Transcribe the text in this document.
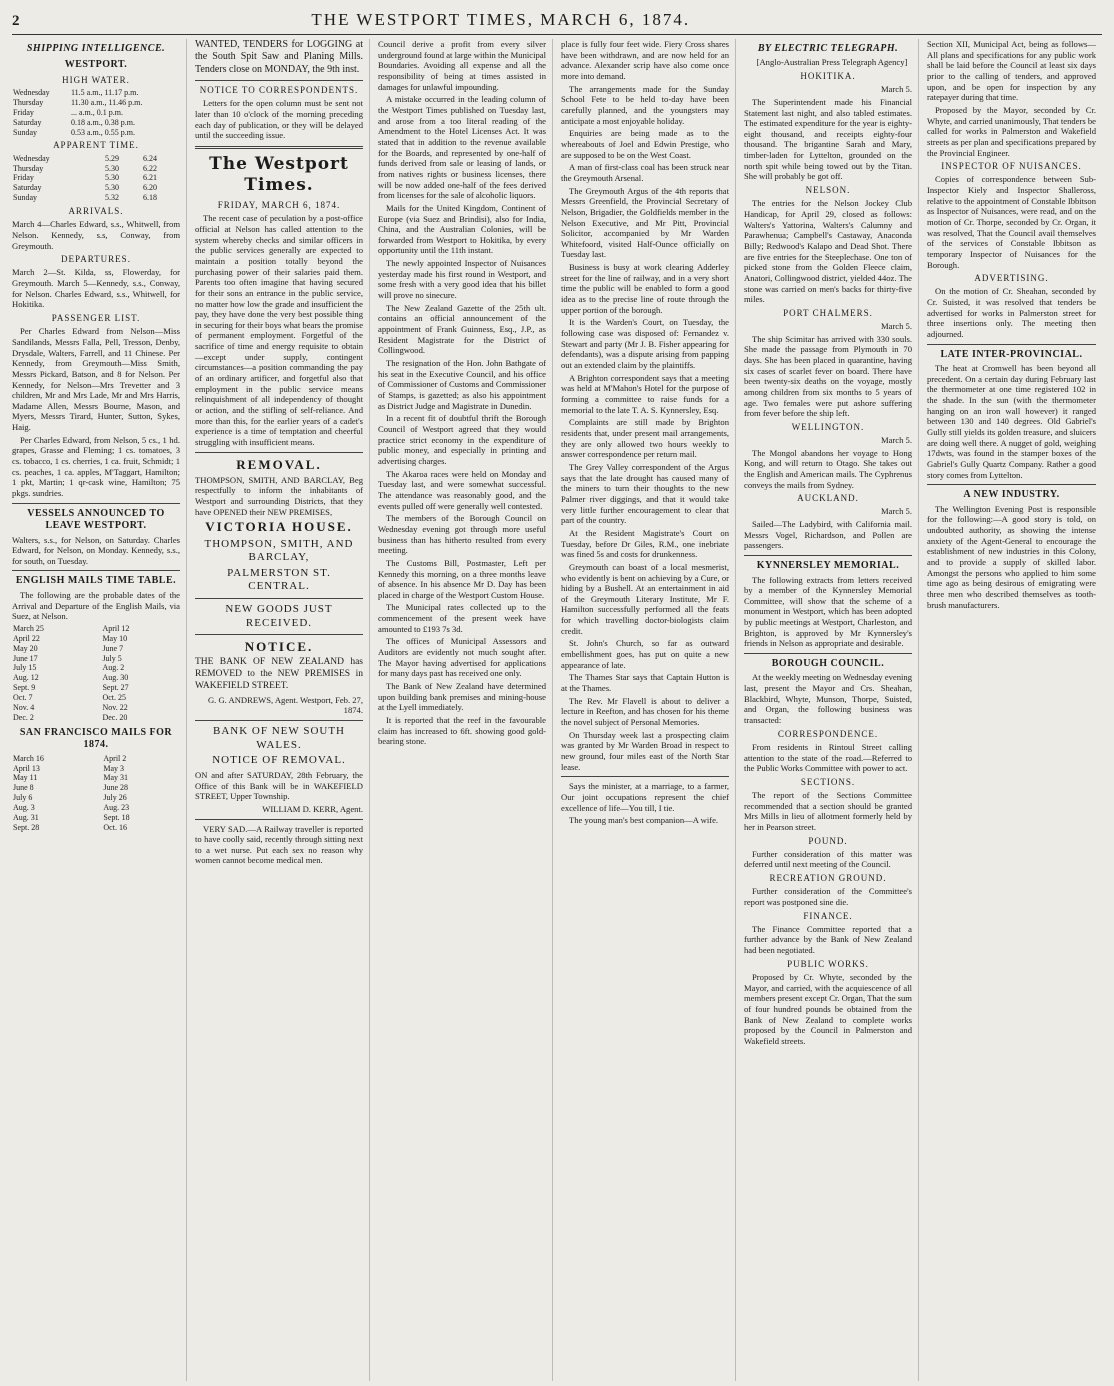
2	THE WESTPORT TIMES, MARCH 6, 1874.
SHIPPING INTELLIGENCE.
WESTPORT.
HIGH WATER.
Wednesday	11.5 a.m., 11.17 p.m.
Thursday	11.30 a.m., 11.46 p.m.
Friday	... a.m., 0.1 p.m.
Saturday	0.18 a.m., 0.38 p.m.
Sunday	0.53 a.m., 0.55 p.m.
APPARENT TIME.
Wednesday	5.29	6.24
Thursday	5.30	6.22
Friday	5.30	6.21
Saturday	5.30	6.20
Sunday	5.32	6.18
ARRIVALS.

March 4—Charles Edward, s.s., Whitwell, from Nelson. Kennedy, s.s, Conway, from Greymouth.

DEPARTURES.

March 2—St. Kilda, ss, Flowerday, for Greymouth. March 5—Kennedy, s.s., Conway, for Nelson. Charles Edward, s.s., Whitwell, for Hokitika.

PASSENGER LIST.

Per Charles Edward from Nelson—Miss Sandilands, Messrs Falla, Pell, Tresson, Denby, Drysdale, Walters, Farrell, and 11 Chinese. Per Kennedy, from Greymouth—Miss Smith, Messrs Pickard, Batson, and 8 for Nelson. Per Kennedy, for Nelson—Mrs Trevetter and 3 children, Mr and Mrs Lade, Mr and Mrs Harris, Madame Allen, Messrs Bourne, Mason, and Myers, Messrs Tirard, Hunter, Sutton, Sykes, Haig.

Per Charles Edward, from Nelson, 5 cs., 1 hd. grapes, Grasse and Fleming; 1 cs. tomatoes, 3 cs. tobacco, 1 cs. cherries, 1 ca. fruit, Schmidt; 1 cs. peaches, 1 ca. apples, M'Taggart, Hamilton; 1 pkt, Martin; 1 qr-cask wine, Hamilton; 75 pkgs. sundries.

VESSELS ANNOUNCED TO LEAVE WESTPORT.

Walters, s.s., for Nelson, on Saturday. Charles Edward, for Nelson, on Monday. Kennedy, s.s., for south, on Tuesday.

ENGLISH MAILS TIME TABLE.

The following are the probable dates of the Arrival and Departure of the English Mails, via Suez, at Nelson.

March 25	April 12
April 22	May 10
May 20	June 7
June 17	July 5
July 15	Aug. 2
Aug. 12	Aug. 30
Sept. 9	Sept. 27
Oct. 7	Oct. 25
Nov. 4	Nov. 22
Dec. 2	Dec. 20
SAN FRANCISCO MAILS FOR 1874.
March 16	April 2
April 13	May 3
May 11	May 31
June 8	June 28
July 6	July 26
Aug. 3	Aug. 23
Aug. 31	Sept. 18
Sept. 28	Oct. 16

WANTED, TENDERS for LOGGING at the South Spit Saw and Planing Mills. Tenders close on MONDAY, the 9th inst.

NOTICE TO CORRESPONDENTS.

Letters for the open column must be sent not later than 10 o'clock of the morning preceding each day of publication, or they will be delayed until the succeeding issue.

The Westport Times.
FRIDAY, MARCH 6, 1874.

The recent case of peculation by a post-office official at Nelson has called attention to the system whereby checks and similar officers in the public services generally are expected to maintain a position totally beyond the purchasing power of their salaries paid them. Parents too often imagine that having secured for their sons an entrance in the public service, no matter how low the grade and insufficient the pay, they have done the very best possible thing in securing for their boys what bears the promise of permanent employment. Forgetful of the sacrifice of time and energy requisite to obtain—except under supply, contingent circumstances—a position commanding the pay of an ordinary artificer, and forgetful also that employment in the public service means relinquishment of all independency of thought or action, and the stifling of self-reliance. And more than this, for the earlier years of a cadet's experience is a time of temptation and cheerful struggling with insufficient means.

REMOVAL.

THOMPSON, SMITH, AND BARCLAY, Beg respectfully to inform the inhabitants of Westport and surrounding Districts, that they have OPENED their NEW PREMISES,

VICTORIA HOUSE.
THOMPSON, SMITH, AND BARCLAY,
PALMERSTON ST. CENTRAL.
NEW GOODS JUST RECEIVED.
NOTICE.

THE BANK OF NEW ZEALAND has REMOVED to the NEW PREMISES in WAKEFIELD STREET.

G. G. ANDREWS, Agent. Westport, Feb. 27, 1874.

BANK OF NEW SOUTH WALES.
NOTICE OF REMOVAL.

ON and after SATURDAY, 28th February, the Office of this Bank will be in WAKEFIELD STREET, Upper Township.

WILLIAM D. KERR, Agent.

VERY SAD.—A Railway traveller is reported to have coolly said, recently through sitting next to a wet nurse. Put each sex no reason why women cannot become medical men.

Council derive a profit from every silver underground found at large within the Municipal Boundaries. Avoiding all expense and all the responsibility of being at times assisted in damages for unlawful impounding.

A mistake occurred in the leading column of the Westport Times published on Tuesday last, and arose from a too literal reading of the Amendment to the Hotel Licenses Act. It was stated that in addition to the revenue available for the Boards, and represented by one-half of funds derived from sale or leasing of lands, or from natives rights or business licenses, there will be now added one-half of the fees derived from licenses for the sale of alcoholic liquors.

Mails for the United Kingdom, Continent of Europe (via Suez and Brindisi), also for India, China, and the Australian Colonies, will be forwarded from Westport to Hokitika, by every opportunity until the 11th instant.

The newly appointed Inspector of Nuisances yesterday made his first round in Westport, and some fresh with a very good idea that his billet will prove no sinecure.

The New Zealand Gazette of the 25th ult. contains an official announcement of the appointment of Frank Guinness, Esq., J.P., as Resident Magistrate for the District of Collingwood.

The resignation of the Hon. John Bathgate of his seat in the Executive Council, and his office of Commissioner of Customs and Commissioner of Stamps, is gazetted; as also his appointment as District Judge and Magistrate in Dunedin.

In a recent fit of doubtful thrift the Borough Council of Westport agreed that they would practice strict economy in the expenditure of public money, and especially in printing and advertising charges.

The Akaroa races were held on Monday and Tuesday last, and were somewhat successful. The attendance was reasonably good, and the events pulled off were generally well contested.

The members of the Borough Council on Wednesday evening got through more useful business than has hitherto resulted from every meeting.

The Customs Bill, Postmaster, Left per Kennedy this morning, on a three months leave of absence. In his absence Mr D. Day has been placed in charge of the Westport Custom House.

The Municipal rates collected up to the commencement of the present week have amounted to £193 7s 3d.

The offices of Municipal Assessors and Auditors are evidently not much sought after. The Mayor having advertised for applications for many days past has received one only.

The Bank of New Zealand have determined upon building bank premises and mining-house at the Lyell immediately.

It is reported that the reef in the favourable claim has increased to 6ft. showing good gold-bearing stone.

place is fully four feet wide. Fiery Cross shares have been withdrawn, and are now held for an advance. Alexander scrip have also come once more into demand.

The arrangements made for the Sunday School Fete to be held to-day have been carefully planned, and the youngsters may anticipate a most enjoyable holiday.

Enquiries are being made as to the whereabouts of Joel and Edwin Prestige, who are supposed to be on the West Coast.

A man of first-class coal has been struck near the Greymouth Arsenal.

The Greymouth Argus of the 4th reports that Messrs Greenfield, the Provincial Secretary of Nelson, Brigadier, the Goldfields member in the Nelson Executive, and Mr Pitt, Provincial Solicitor, accompanied by Mr Warden Whitefoord, visited Half-Ounce officially on Tuesday last.

Business is busy at work clearing Adderley street for the line of railway, and in a very short time the public will be enabled to form a good idea as to the precise line of route through the upper portion of the borough.

It is the Warden's Court, on Tuesday, the following case was disposed of: Fernandez v. Stewart and party (Mr J. B. Fisher appearing for defendants), was a dispute arising from papping out an extended claim by the plaintiffs.

A Brighton correspondent says that a meeting was held at M'Mahon's Hotel for the purpose of forming a committee to raise funds for a memorial to the late T. A. S. Kynnersley, Esq.

Complaints are still made by Brighton residents that, under present mail arrangements, they are only allowed two hours weekly to answer correspondence per return mail.

The Grey Valley correspondent of the Argus says that the late drought has caused many of the miners to turn their thoughts to the new Palmer river diggings, and that it would take very little further encouragement to clear that part of the country.

At the Resident Magistrate's Court on Tuesday, before Dr Giles, R.M., one inebriate was fined 5s and costs for drunkenness.

Greymouth can boast of a local mesmerist, who evidently is bent on achieving by a Cure, or hiding by a Bushell. At an entertainment in aid of the Greymouth Literary Institute, Mr F. Hamilton successfully performed all the feats for which travelling doctor-biologists claim credit.

St. John's Church, so far as outward embellishment goes, has put on quite a new appearance of late.

The Thames Star says that Captain Hutton is at the Thames.

The Rev. Mr Flavell is about to deliver a lecture in Reefton, and has chosen for his theme the novel subject of Personal Memories.

On Thursday week last a prospecting claim was granted by Mr Warden Broad in respect to new ground, four miles east of the North Star lease.

Says the minister, at a marriage, to a farmer, Our joint occupations represent the chief excellence of life—You till, I tie.

The young man's best companion—A wife.

BY ELECTRIC TELEGRAPH.

[Anglo-Australian Press Telegraph Agency]

HOKITIKA.

March 5.

The Superintendent made his Financial Statement last night, and also tabled estimates. The estimated expenditure for the year is eighty-eight thousand, and receipts eighty-four thousand. The brigantine Sarah and Mary, timber-laden for Lyttelton, grounded on the north spit while being towed out by the Titan. She will probably be got off.

NELSON.

The entries for the Nelson Jockey Club Handicap, for April 29, closed as follows: Walters's Yattorina, Walters's Calumny and Parawhenua; Campbell's Castaway, Anaconda Billy; Redwood's Kalapo and Dead Shot. There are five entries for the Steeplechase. One ton of picked stone from the Golden Fleece claim, Anatori, Collingwood district, yielded 44oz. The stone was carried on men's backs for thirty-five miles.

PORT CHALMERS.

March 5.

The ship Scimitar has arrived with 330 souls. She made the passage from Plymouth in 70 days. She has been placed in quarantine, having six cases of scarlet fever on board. There have been twenty-six deaths on the voyage, mostly among children from six months to 5 years of age. Two females were put ashore suffering from fever before the ship left.

WELLINGTON.

March 5.

The Mongol abandons her voyage to Hong Kong, and will return to Otago. She takes out the English and American mails. The Cyphrenus conveys the mails from Sydney.

AUCKLAND.

March 5.

Sailed—The Ladybird, with California mail. Messrs Vogel, Richardson, and Pollen are passengers.

KYNNERSLEY MEMORIAL.

The following extracts from letters received by a member of the Kynnersley Memorial Committee, will show that the scheme of a monument in Westport, which has been adopted by public meetings at Westport, Charleston, and Brighton, is approved by Mr Kynnersley's friends in Nelson as appropriate and desirable.

BOROUGH COUNCIL.

At the weekly meeting on Wednesday evening last, present the Mayor and Crs. Sheahan, Blackbird, Whyte, Munson, Thorpe, Suisted, and Organ, the following business was transacted:

CORRESPONDENCE.

From residents in Rintoul Street calling attention to the state of the road.—Referred to the Public Works Committee with power to act.

SECTIONS.

The report of the Sections Committee recommended that a section should be granted Mrs Mills in lieu of allotment formerly held by her in Pearson street.

POUND.

Further consideration of this matter was deferred until next meeting of the Council.

RECREATION GROUND.

Further consideration of the Committee's report was postponed sine die.

FINANCE.

The Finance Committee reported that a further advance by the Bank of New Zealand had been negotiated.

PUBLIC WORKS.

Proposed by Cr. Whyte, seconded by the Mayor, and carried, with the acquiescence of all members present except Cr. Organ, That the sum of four hundred pounds be obtained from the Bank of New Zealand to complete works proposed by the Council in Palmerston and Wakefield streets.

Section XII, Municipal Act, being as follows—All plans and specifications for any public work shall be laid before the Council at least six days prior to the calling of tenders, and approved upon, and be open for inspection by any ratepayer during that time.

Proposed by the Mayor, seconded by Cr. Whyte, and carried unanimously, That tenders be called for works in Palmerston and Wakefield streets as per plan and specifications prepared by the Provincial Engineer.

INSPECTOR OF NUISANCES.

Copies of correspondence between Sub-Inspector Kiely and Inspector Shalleross, relative to the appointment of Constable Ibbitson as Inspector of Nuisances, were read, and on the motion of Cr. Thorpe, seconded by Cr. Organ, it was resolved, That the Council avail themselves of the services of Constable Ibbitson as temporary Inspector of Nuisances for the Borough.

ADVERTISING.

On the motion of Cr. Sheahan, seconded by Cr. Suisted, it was resolved that tenders be advertised for works in Palmerston street for three insertions only. The meeting then adjourned.

LATE INTER-PROVINCIAL.

The heat at Cromwell has been beyond all precedent. On a certain day during February last the thermometer at one time registered 102 in the shade. In the sun (with the thermometer hanging on an iron wall however) it ranged between 130 and 140 degrees. Old Gabriel's Gully still yields its golden treasure, and sluicers are doing well there. A nugget of gold, weighing 17dwts, was found in the stamper boxes of the Gabriel's Gully Quartz Company. Rather a good story comes from Lyttelton.

A NEW INDUSTRY.

The Wellington Evening Post is responsible for the following:—A good story is told, on undoubted authority, as showing the intense anxiety of the Agent-General to encourage the establishment of new industries in this Colony, and to provide a supply of skilled labor. Amongst the persons who applied to him some time ago as being desirous of emigrating were three men who described themselves as tooth-brush manufacturers.
